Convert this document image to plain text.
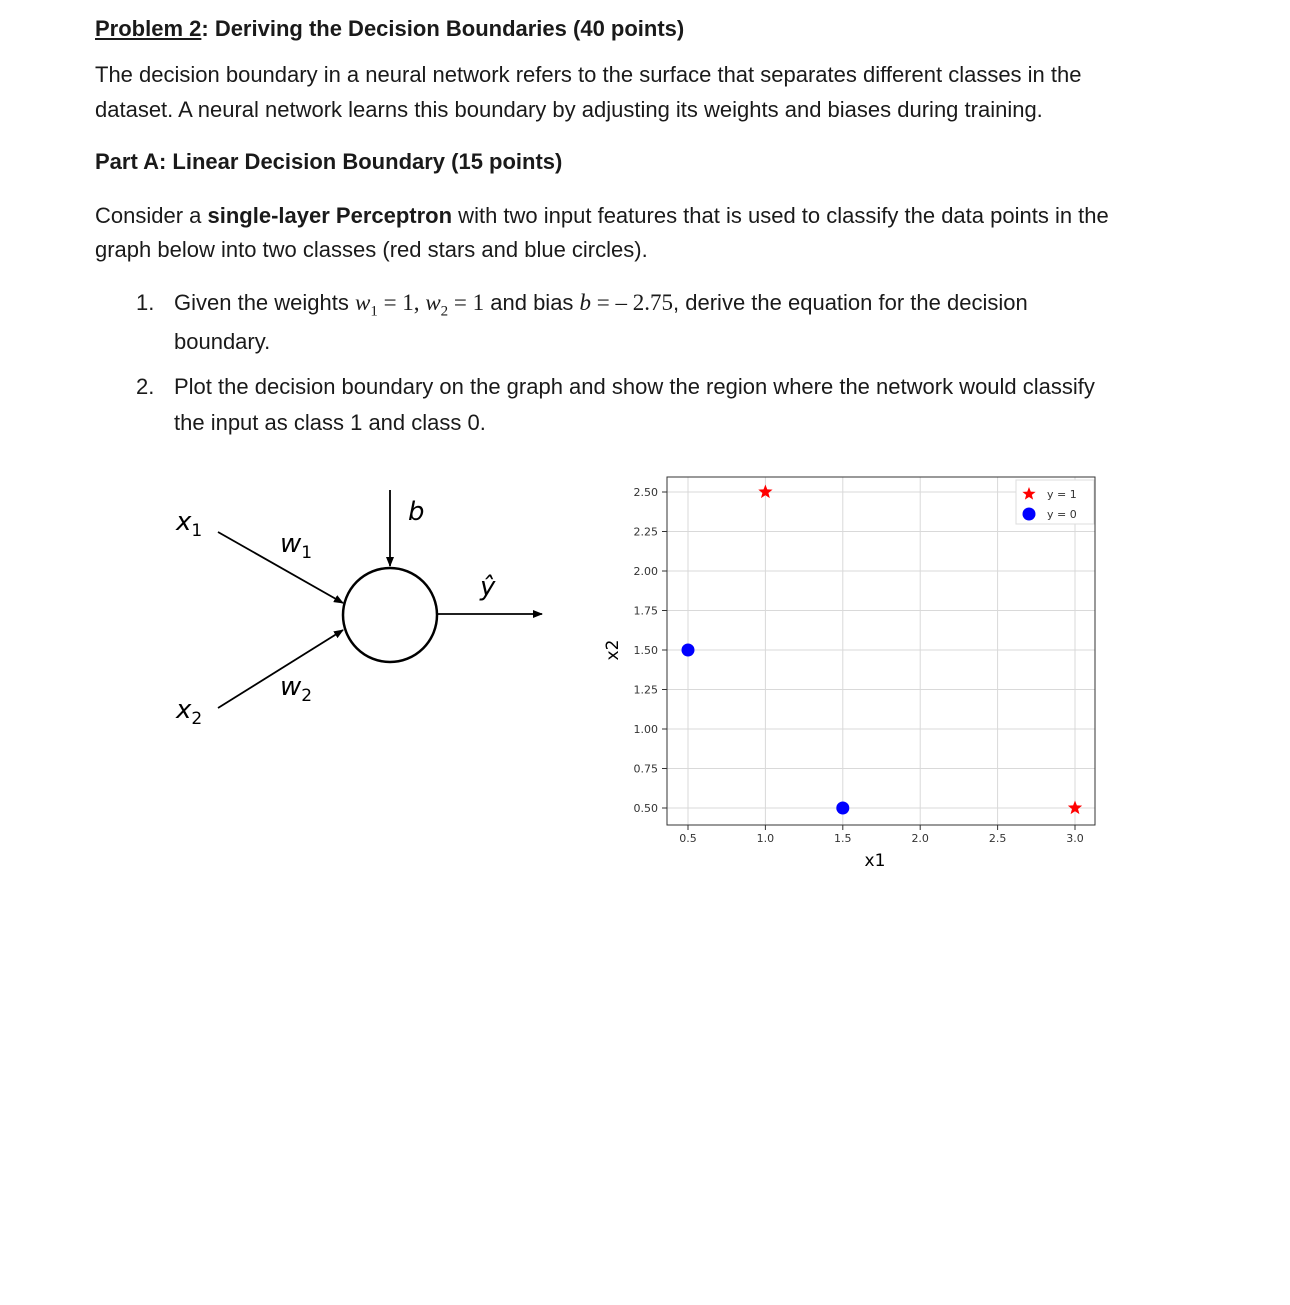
Problem 2: Deriving the Decision Boundaries (40 points)
The decision boundary in a neural network refers to the surface that separates different classes in the
dataset. A neural network learns this boundary by adjusting its weights and biases during training.
Part A: Linear Decision Boundary (15 points)
Consider a single-layer Perceptron with two input features that is used to classify the data points in the
graph below into two classes (red stars and blue circles).
1. Given the weights $w_1 = 1$, $w_2 = 1$ and bias b = – 2.75, derive the equation for the decision
boundary.
2. Plot the decision boundary on the graph and show the region where the network would classify
the input as class 1 and class 0.
$x_1$
$x_2$
$w_1$
$w_2$
b
ŷ
0.5	1.0	1.5	2.0	2.5	3.0
2.50
2.25
2.00
1.75
1.50
1.25
1.00
0.75
0.50
y = 1
y = 0
x1
x2
